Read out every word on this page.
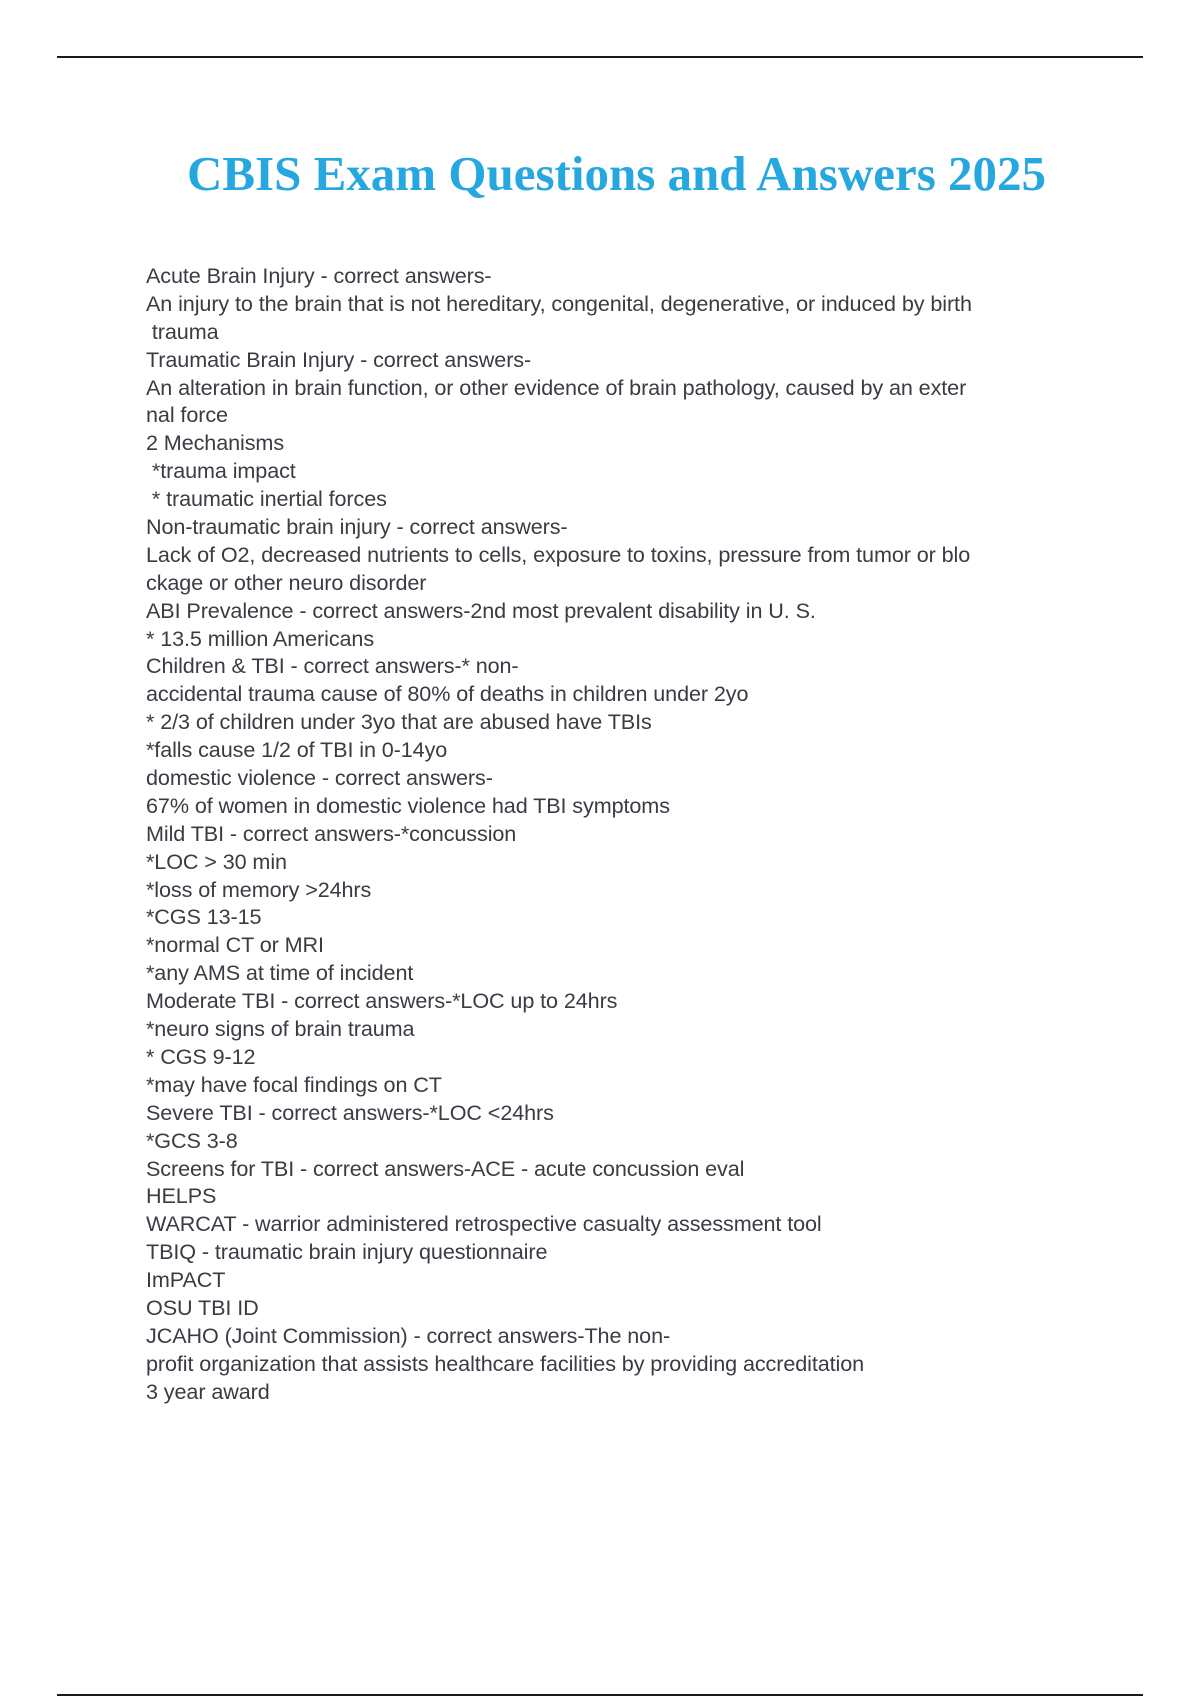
CBIS Exam Questions and Answers 2025
Acute Brain Injury - correct answers-
An injury to the brain that is not hereditary, congenital, degenerative, or induced by birth
trauma
Traumatic Brain Injury - correct answers-
An alteration in brain function, or other evidence of brain pathology, caused by an exter
nal force
2 Mechanisms
*trauma impact
* traumatic inertial forces
Non-traumatic brain injury - correct answers-
Lack of O2, decreased nutrients to cells, exposure to toxins, pressure from tumor or blo
ckage or other neuro disorder
ABI Prevalence - correct answers-2nd most prevalent disability in U. S.
* 13.5 million Americans
Children & TBI - correct answers-* non-
accidental trauma cause of 80% of deaths in children under 2yo
* 2/3 of children under 3yo that are abused have TBIs
*falls cause 1/2 of TBI in 0-14yo
domestic violence - correct answers-
67% of women in domestic violence had TBI symptoms
Mild TBI - correct answers-*concussion
*LOC > 30 min
*loss of memory >24hrs
*CGS 13-15
*normal CT or MRI
*any AMS at time of incident
Moderate TBI - correct answers-*LOC up to 24hrs
*neuro signs of brain trauma
* CGS 9-12
*may have focal findings on CT
Severe TBI - correct answers-*LOC <24hrs
*GCS 3-8
Screens for TBI - correct answers-ACE - acute concussion eval
HELPS
WARCAT - warrior administered retrospective casualty assessment tool
TBIQ - traumatic brain injury questionnaire
ImPACT
OSU TBI ID
JCAHO (Joint Commission) - correct answers-The non-
profit organization that assists healthcare facilities by providing accreditation
3 year award
